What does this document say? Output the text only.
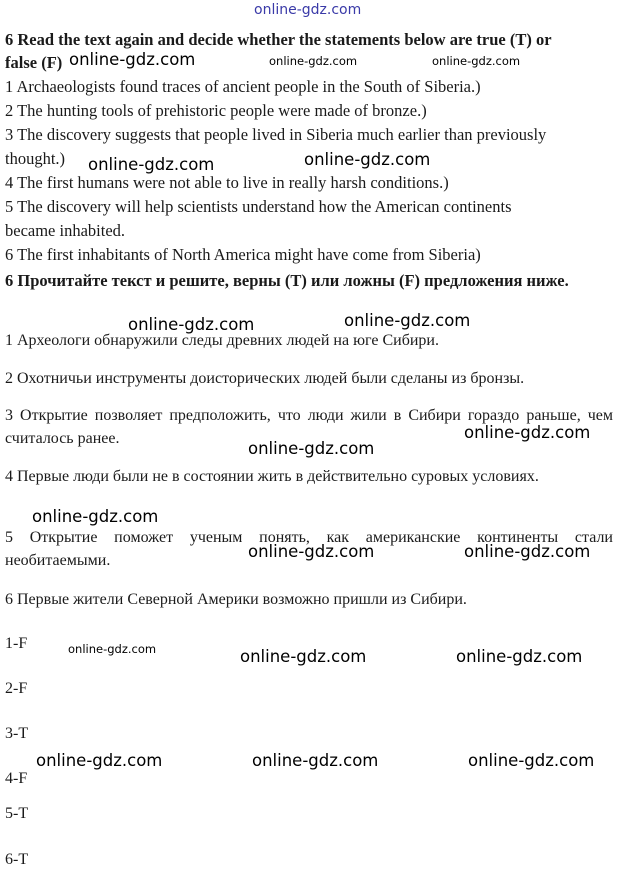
6 Read the text again and decide whether the statements below are true (T) or
false (F)
1 Archaeologists found traces of ancient people in the South of Siberia.)
2 The hunting tools of prehistoric people were made of bronze.)
3 The discovery suggests that people lived in Siberia much earlier than previously
thought.)
4 The first humans were not able to live in really harsh conditions.)
5 The discovery will help scientists understand how the American continents
became inhabited.
6 The first inhabitants of North America might have come from Siberia)
6 Прочитайте текст и решите, верны (T) или ложны (F) предложения ниже.
1 Археологи обнаружили следы древних людей на юге Сибири.
2 Охотничьи инструменты доисторических людей были сделаны из бронзы.
3 Открытие позволяет предположить, что люди жили в Сибири гораздо раньше, чем считалось ранее.
4 Первые люди были не в состоянии жить в действительно суровых условиях.
5 Открытие поможет ученым понять, как американские континенты стали необитаемыми.
6 Первые жители Северной Америки возможно пришли из Сибири.
1-F
2-F
3-T
4-F
5-T
6-T
online-gdz.com
online-gdz.com	online-gdz.com	online-gdz.com
online-gdz.com	online-gdz.com
online-gdz.com	online-gdz.com
online-gdz.com
online-gdz.com
online-gdz.com
online-gdz.com	online-gdz.com
online-gdz.com	online-gdz.com	online-gdz.com
online-gdz.com	online-gdz.com	online-gdz.com
